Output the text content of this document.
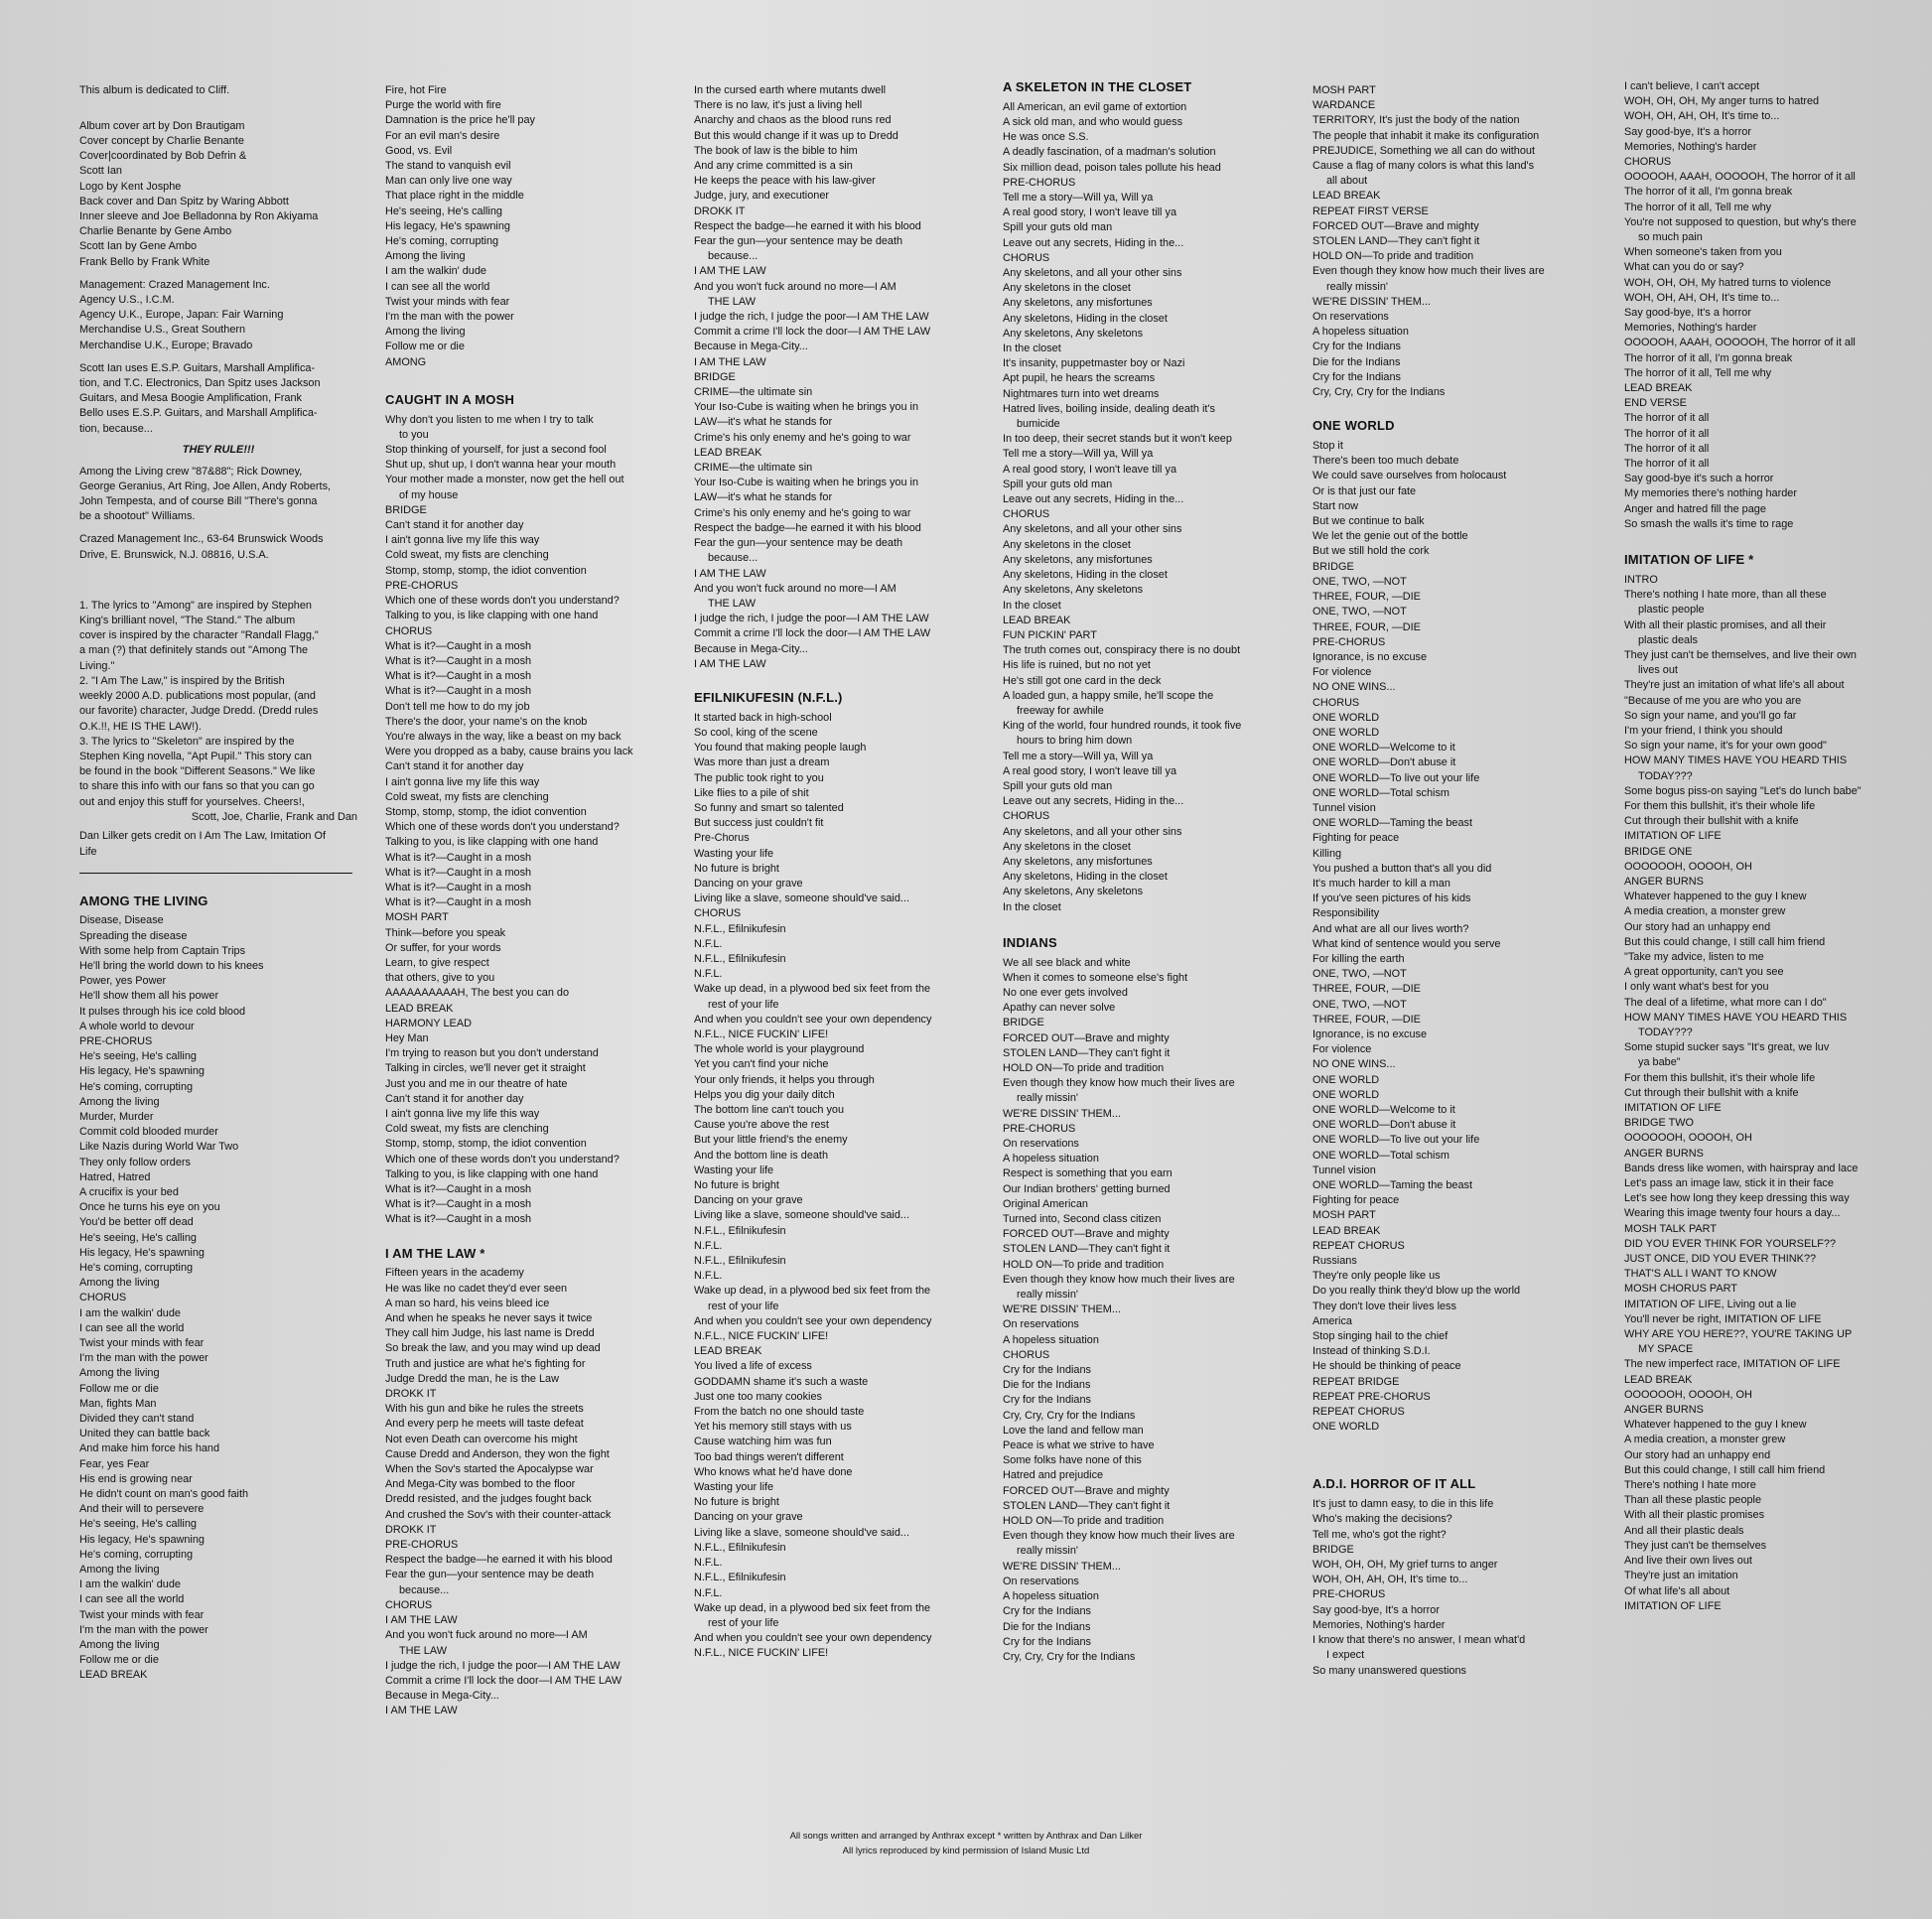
This album is dedicated to Cliff.
Album cover art by Don Brautigam
Cover concept by Charlie Benante
Cover|coordinated by Bob Defrin &
Scott Ian
Logo by Kent Josphe
Back cover and Dan Spitz by Waring Abbott
Inner sleeve and Joe Belladonna by Ron Akiyama
Charlie Benante by Gene Ambo
Scott Ian by Gene Ambo
Frank Bello by Frank White
Management: Crazed Management Inc.
Agency U.S., I.C.M.
Agency U.K., Europe, Japan: Fair Warning
Merchandise U.S., Great Southern
Merchandise U.K., Europe; Bravado
Scott Ian uses E.S.P. Guitars, Marshall Amplifica-
tion, and T.C. Electronics, Dan Spitz uses Jackson
Guitars, and Mesa Boogie Amplification, Frank
Bello uses E.S.P. Guitars, and Marshall Amplifica-
tion, because...
THEY RULE!!!
Among the Living crew "87&88"; Rick Downey,
George Geranius, Art Ring, Joe Allen, Andy Roberts,
John Tempesta, and of course Bill "There's gonna
be a shootout" Williams.
Crazed Management Inc., 63-64 Brunswick Woods
Drive, E. Brunswick, N.J. 08816, U.S.A.
1. The lyrics to "Among" are inspired by Stephen
King's brilliant novel, "The Stand." The album
cover is inspired by the character "Randall Flagg,"
a man (?) that definitely stands out "Among The
Living."
2. "I Am The Law," is inspired by the British
weekly 2000 A.D. publications most popular, (and
our favorite) character, Judge Dredd. (Dredd rules
O.K.!!, HE IS THE LAW!).
3. The lyrics to "Skeleton" are inspired by the
Stephen King novella, "Apt Pupil." This story can
be found in the book "Different Seasons." We like
to share this info with our fans so that you can go
out and enjoy this stuff for yourselves. Cheers!,
Scott, Joe, Charlie, Frank and Dan
Dan Lilker gets credit on I Am The Law, Imitation Of
Life
AMONG THE LIVING
Disease, Disease
Spreading the disease
With some help from Captain Trips
He'll bring the world down to his knees
Power, yes Power
He'll show them all his power
It pulses through his ice cold blood
A whole world to devour
PRE-CHORUS
He's seeing, He's calling
His legacy, He's spawning
He's coming, corrupting
Among the living
Murder, Murder
Commit cold blooded murder
Like Nazis during World War Two
They only follow orders
Hatred, Hatred
A crucifix is your bed
Once he turns his eye on you
You'd be better off dead
He's seeing, He's calling
His legacy, He's spawning
He's coming, corrupting
Among the living
CHORUS
I am the walkin' dude
I can see all the world
Twist your minds with fear
I'm the man with the power
Among the living
Follow me or die
Man, fights Man
Divided they can't stand
United they can battle back
And make him force his hand
Fear, yes Fear
His end is growing near
He didn't count on man's good faith
And their will to persevere
He's seeing, He's calling
His legacy, He's spawning
He's coming, corrupting
Among the living
I am the walkin' dude
I can see all the world
Twist your minds with fear
I'm the man with the power
Among the living
Follow me or die
LEAD BREAK
Fire, hot Fire
Purge the world with fire
Damnation is the price he'll pay
For an evil man's desire
Good, vs. Evil
The stand to vanquish evil
Man can only live one way
That place right in the middle
He's seeing, He's calling
His legacy, He's spawning
He's coming, corrupting
Among the living
I am the walkin' dude
I can see all the world
Twist your minds with fear
I'm the man with the power
Among the living
Follow me or die
AMONG
CAUGHT IN A MOSH
Why don't you listen to me when I try to talk
to you
Stop thinking of yourself, for just a second fool
Shut up, shut up, I don't wanna hear your mouth
Your mother made a monster, now get the hell out
of my house
BRIDGE
Can't stand it for another day
I ain't gonna live my life this way
Cold sweat, my fists are clenching
Stomp, stomp, stomp, the idiot convention
PRE-CHORUS
Which one of these words don't you understand?
Talking to you, is like clapping with one hand
CHORUS
What is it?—Caught in a mosh
What is it?—Caught in a mosh
What is it?—Caught in a mosh
What is it?—Caught in a mosh
Don't tell me how to do my job
There's the door, your name's on the knob
You're always in the way, like a beast on my back
Were you dropped as a baby, cause brains you lack
Can't stand it for another day
I ain't gonna live my life this way
Cold sweat, my fists are clenching
Stomp, stomp, stomp, the idiot convention
Which one of these words don't you understand?
Talking to you, is like clapping with one hand
What is it?—Caught in a mosh
What is it?—Caught in a mosh
What is it?—Caught in a mosh
What is it?—Caught in a mosh
MOSH PART
Think—before you speak
Or suffer, for your words
Learn, to give respect
that others, give to you
AAAAAAAAAAH, The best you can do
LEAD BREAK
HARMONY LEAD
Hey Man
I'm trying to reason but you don't understand
Talking in circles, we'll never get it straight
Just you and me in our theatre of hate
Can't stand it for another day
I ain't gonna live my life this way
Cold sweat, my fists are clenching
Stomp, stomp, stomp, the idiot convention
Which one of these words don't you understand?
Talking to you, is like clapping with one hand
What is it?—Caught in a mosh
What is it?—Caught in a mosh
What is it?—Caught in a mosh
I AM THE LAW *
Fifteen years in the academy
He was like no cadet they'd ever seen
A man so hard, his veins bleed ice
And when he speaks he never says it twice
They call him Judge, his last name is Dredd
So break the law, and you may wind up dead
Truth and justice are what he's fighting for
Judge Dredd the man, he is the Law
DROKK IT
With his gun and bike he rules the streets
And every perp he meets will taste defeat
Not even Death can overcome his might
Cause Dredd and Anderson, they won the fight
When the Sov's started the Apocalypse war
And Mega-City was bombed to the floor
Dredd resisted, and the judges fought back
And crushed the Sov's with their counter-attack
DROKK IT
PRE-CHORUS
Respect the badge—he earned it with his blood
Fear the gun—your sentence may be death
because...
CHORUS
I AM THE LAW
And you won't fuck around no more—I AM
THE LAW
I judge the rich, I judge the poor—I AM THE LAW
Commit a crime I'll lock the door—I AM THE LAW
Because in Mega-City...
I AM THE LAW
In the cursed earth where mutants dwell
There is no law, it's just a living hell
Anarchy and chaos as the blood runs red
But this would change if it was up to Dredd
The book of law is the bible to him
And any crime committed is a sin
He keeps the peace with his law-giver
Judge, jury, and executioner
DROKK IT
Respect the badge—he earned it with his blood
Fear the gun—your sentence may be death
because...
I AM THE LAW
And you won't fuck around no more—I AM
THE LAW
I judge the rich, I judge the poor—I AM THE LAW
Commit a crime I'll lock the door—I AM THE LAW
Because in Mega-City...
I AM THE LAW
BRIDGE
CRIME—the ultimate sin
Your Iso-Cube is waiting when he brings you in
LAW—it's what he stands for
Crime's his only enemy and he's going to war
LEAD BREAK
CRIME—the ultimate sin
Your Iso-Cube is waiting when he brings you in
LAW—it's what he stands for
Crime's his only enemy and he's going to war
Respect the badge—he earned it with his blood
Fear the gun—your sentence may be death
because...
I AM THE LAW
And you won't fuck around no more—I AM
THE LAW
I judge the rich, I judge the poor—I AM THE LAW
Commit a crime I'll lock the door—I AM THE LAW
Because in Mega-City...
I AM THE LAW
EFILNIKUFESIN (N.F.L.)
It started back in high-school
So cool, king of the scene
You found that making people laugh
Was more than just a dream
The public took right to you
Like flies to a pile of shit
So funny and smart so talented
But success just couldn't fit
Pre-Chorus
Wasting your life
No future is bright
Dancing on your grave
Living like a slave, someone should've said...
CHORUS
N.F.L., Efilnikufesin
N.F.L.
N.F.L., Efilnikufesin
N.F.L.
Wake up dead, in a plywood bed six feet from the
rest of your life
And when you couldn't see your own dependency
N.F.L., NICE FUCKIN' LIFE!
The whole world is your playground
Yet you can't find your niche
Your only friends, it helps you through
Helps you dig your daily ditch
The bottom line can't touch you
Cause you're above the rest
But your little friend's the enemy
And the bottom line is death
Wasting your life
No future is bright
Dancing on your grave
Living like a slave, someone should've said...
N.F.L., Efilnikufesin
N.F.L.
N.F.L., Efilnikufesin
N.F.L.
Wake up dead, in a plywood bed six feet from the
rest of your life
And when you couldn't see your own dependency
N.F.L., NICE FUCKIN' LIFE!
LEAD BREAK
You lived a life of excess
GODDAMN shame it's such a waste
Just one too many cookies
From the batch no one should taste
Yet his memory still stays with us
Cause watching him was fun
Too bad things weren't different
Who knows what he'd have done
Wasting your life
No future is bright
Dancing on your grave
Living like a slave, someone should've said...
N.F.L., Efilnikufesin
N.F.L.
N.F.L., Efilnikufesin
N.F.L.
Wake up dead, in a plywood bed six feet from the
rest of your life
And when you couldn't see your own dependency
N.F.L., NICE FUCKIN' LIFE!
A SKELETON IN THE CLOSET
All American, an evil game of extortion
A sick old man, and who would guess
He was once S.S.
A deadly fascination, of a madman's solution
Six million dead, poison tales pollute his head
PRE-CHORUS
Tell me a story—Will ya, Will ya
A real good story, I won't leave till ya
Spill your guts old man
Leave out any secrets, Hiding in the...
CHORUS
Any skeletons, and all your other sins
Any skeletons in the closet
Any skeletons, any misfortunes
Any skeletons, Hiding in the closet
Any skeletons, Any skeletons
In the closet
It's insanity, puppetmaster boy or Nazi
Apt pupil, he hears the screams
Nightmares turn into wet dreams
Hatred lives, boiling inside, dealing death it's
bumicide
In too deep, their secret stands but it won't keep
Tell me a story—Will ya, Will ya
A real good story, I won't leave till ya
Spill your guts old man
Leave out any secrets, Hiding in the...
CHORUS
Any skeletons, and all your other sins
Any skeletons in the closet
Any skeletons, any misfortunes
Any skeletons, Hiding in the closet
Any skeletons, Any skeletons
In the closet
LEAD BREAK
FUN PICKIN' PART
The truth comes out, conspiracy there is no doubt
His life is ruined, but no not yet
He's still got one card in the deck
A loaded gun, a happy smile, he'll scope the
freeway for awhile
King of the world, four hundred rounds, it took five
hours to bring him down
Tell me a story—Will ya, Will ya
A real good story, I won't leave till ya
Spill your guts old man
Leave out any secrets, Hiding in the...
CHORUS
Any skeletons, and all your other sins
Any skeletons in the closet
Any skeletons, any misfortunes
Any skeletons, Hiding in the closet
Any skeletons, Any skeletons
In the closet
INDIANS
We all see black and white
When it comes to someone else's fight
No one ever gets involved
Apathy can never solve
BRIDGE
FORCED OUT—Brave and mighty
STOLEN LAND—They can't fight it
HOLD ON—To pride and tradition
Even though they know how much their lives are
really missin'
WE'RE DISSIN' THEM...
PRE-CHORUS
On reservations
A hopeless situation
Respect is something that you earn
Our Indian brothers' getting burned
Original American
Turned into, Second class citizen
FORCED OUT—Brave and mighty
STOLEN LAND—They can't fight it
HOLD ON—To pride and tradition
Even though they know how much their lives are
really missin'
WE'RE DISSIN' THEM...
On reservations
A hopeless situation
CHORUS
Cry for the Indians
Die for the Indians
Cry for the Indians
Cry, Cry, Cry for the Indians
Love the land and fellow man
Peace is what we strive to have
Some folks have none of this
Hatred and prejudice
FORCED OUT—Brave and mighty
STOLEN LAND—They can't fight it
HOLD ON—To pride and tradition
Even though they know how much their lives are
really missin'
WE'RE DISSIN' THEM...
On reservations
A hopeless situation
Cry for the Indians
Die for the Indians
Cry for the Indians
Cry, Cry, Cry for the Indians
MOSH PART
WARDANCE
TERRITORY, It's just the body of the nation
The people that inhabit it make its configuration
PREJUDICE, Something we all can do without
Cause a flag of many colors is what this land's
all about
LEAD BREAK
REPEAT FIRST VERSE
FORCED OUT—Brave and mighty
STOLEN LAND—They can't fight it
HOLD ON—To pride and tradition
Even though they know how much their lives are
really missin'
WE'RE DISSIN' THEM...
On reservations
A hopeless situation
Cry for the Indians
Die for the Indians
Cry for the Indians
Cry, Cry, Cry for the Indians
ONE WORLD
Stop it
There's been too much debate
We could save ourselves from holocaust
Or is that just our fate
Start now
But we continue to balk
We let the genie out of the bottle
But we still hold the cork
BRIDGE
ONE, TWO, —NOT
THREE, FOUR, —DIE
ONE, TWO, —NOT
THREE, FOUR, —DIE
PRE-CHORUS
Ignorance, is no excuse
For violence
NO ONE WINS...
CHORUS
ONE WORLD
ONE WORLD
ONE WORLD—Welcome to it
ONE WORLD—Don't abuse it
ONE WORLD—To live out your life
ONE WORLD—Total schism
Tunnel vision
ONE WORLD—Taming the beast
Fighting for peace
Killing
You pushed a button that's all you did
It's much harder to kill a man
If you've seen pictures of his kids
Responsibility
And what are all our lives worth?
What kind of sentence would you serve
For killing the earth
ONE, TWO, —NOT
THREE, FOUR, —DIE
ONE, TWO, —NOT
THREE, FOUR, —DIE
Ignorance, is no excuse
For violence
NO ONE WINS...
ONE WORLD
ONE WORLD
ONE WORLD—Welcome to it
ONE WORLD—Don't abuse it
ONE WORLD—To live out your life
ONE WORLD—Total schism
Tunnel vision
ONE WORLD—Taming the beast
Fighting for peace
MOSH PART
LEAD BREAK
REPEAT CHORUS
Russians
They're only people like us
Do you really think they'd blow up the world
They don't love their lives less
America
Stop singing hail to the chief
Instead of thinking S.D.I.
He should be thinking of peace
REPEAT BRIDGE
REPEAT PRE-CHORUS
REPEAT CHORUS
ONE WORLD
A.D.I. HORROR OF IT ALL
It's just to damn easy, to die in this life
Who's making the decisions?
Tell me, who's got the right?
BRIDGE
WOH, OH, OH, My grief turns to anger
WOH, OH, AH, OH, It's time to...
PRE-CHORUS
Say good-bye, It's a horror
Memories, Nothing's harder
I know that there's no answer, I mean what'd
I expect
So many unanswered questions
I can't believe, I can't accept
WOH, OH, OH, My anger turns to hatred
WOH, OH, AH, OH, It's time to...
Say good-bye, It's a horror
Memories, Nothing's harder
CHORUS
OOOOOH, AAAH, OOOOOH, The horror of it all
The horror of it all, I'm gonna break
The horror of it all, Tell me why
You're not supposed to question, but why's there
so much pain
When someone's taken from you
What can you do or say?
WOH, OH, OH, My hatred turns to violence
WOH, OH, AH, OH, It's time to...
Say good-bye, It's a horror
Memories, Nothing's harder
OOOOOH, AAAH, OOOOOH, The horror of it all
The horror of it all, I'm gonna break
The horror of it all, Tell me why
LEAD BREAK
END VERSE
The horror of it all
The horror of it all
The horror of it all
The horror of it all
Say good-bye it's such a horror
My memories there's nothing harder
Anger and hatred fill the page
So smash the walls it's time to rage
IMITATION OF LIFE *
INTRO
There's nothing I hate more, than all these
plastic people
With all their plastic promises, and all their
plastic deals
They just can't be themselves, and live their own
lives out
They're just an imitation of what life's all about
"Because of me you are who you are
So sign your name, and you'll go far
I'm your friend, I think you should
So sign your name, it's for your own good"
HOW MANY TIMES HAVE YOU HEARD THIS
TODAY???
Some bogus piss-on saying "Let's do lunch babe"
For them this bullshit, it's their whole life
Cut through their bullshit with a knife
IMITATION OF LIFE
BRIDGE ONE
OOOOOOH, OOOOH, OH
ANGER BURNS
Whatever happened to the guy I knew
A media creation, a monster grew
Our story had an unhappy end
But this could change, I still call him friend
"Take my advice, listen to me
A great opportunity, can't you see
I only want what's best for you
The deal of a lifetime, what more can I do"
HOW MANY TIMES HAVE YOU HEARD THIS
TODAY???
Some stupid sucker says "It's great, we luv
ya babe"
For them this bullshit, it's their whole life
Cut through their bullshit with a knife
IMITATION OF LIFE
BRIDGE TWO
OOOOOOH, OOOOH, OH
ANGER BURNS
Bands dress like women, with hairspray and lace
Let's pass an image law, stick it in their face
Let's see how long they keep dressing this way
Wearing this image twenty four hours a day...
MOSH TALK PART
DID YOU EVER THINK FOR YOURSELF??
JUST ONCE, DID YOU EVER THINK??
THAT'S ALL I WANT TO KNOW
MOSH CHORUS PART
IMITATION OF LIFE, Living out a lie
You'll never be right, IMITATION OF LIFE
WHY ARE YOU HERE??, YOU'RE TAKING UP
MY SPACE
The new imperfect race, IMITATION OF LIFE
LEAD BREAK
OOOOOOH, OOOOH, OH
ANGER BURNS
Whatever happened to the guy I knew
A media creation, a monster grew
Our story had an unhappy end
But this could change, I still call him friend
There's nothing I hate more
Than all these plastic people
With all their plastic promises
And all their plastic deals
They just can't be themselves
And live their own lives out
They're just an imitation
Of what life's all about
IMITATION OF LIFE
All songs written and arranged by Anthrax except * written by Anthrax and Dan Lilker
All lyrics reproduced by kind permission of Island Music Ltd
